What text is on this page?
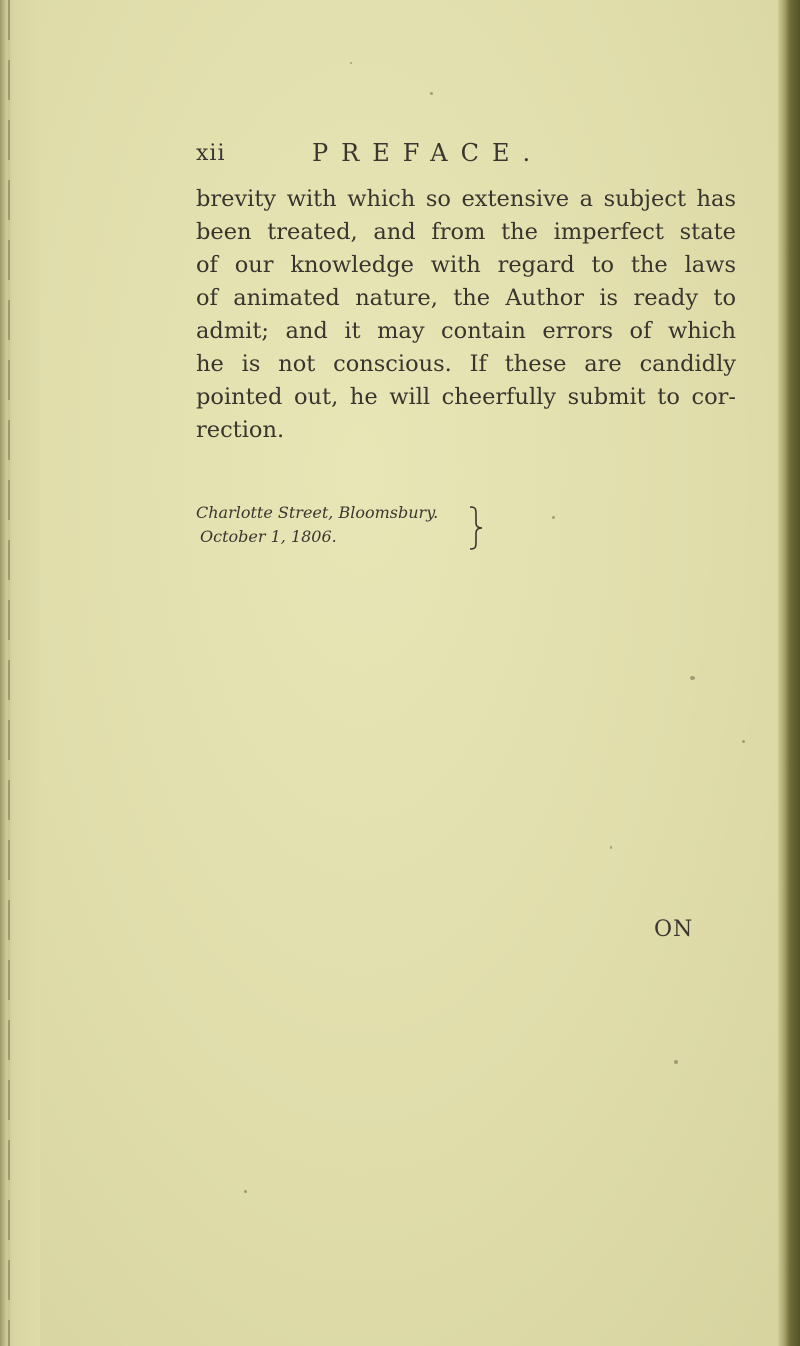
xii	PREFACE.
brevity with which so extensive a subject has
been treated, and from the imperfect state
of our knowledge with regard to the laws
of animated nature, the Author is ready to
admit; and it may contain errors of which
he is not conscious. If these are candidly
pointed out, he will cheerfully submit to cor-
rection.
Charlotte Street, Bloomsbury.
October 1, 1806.
ON
